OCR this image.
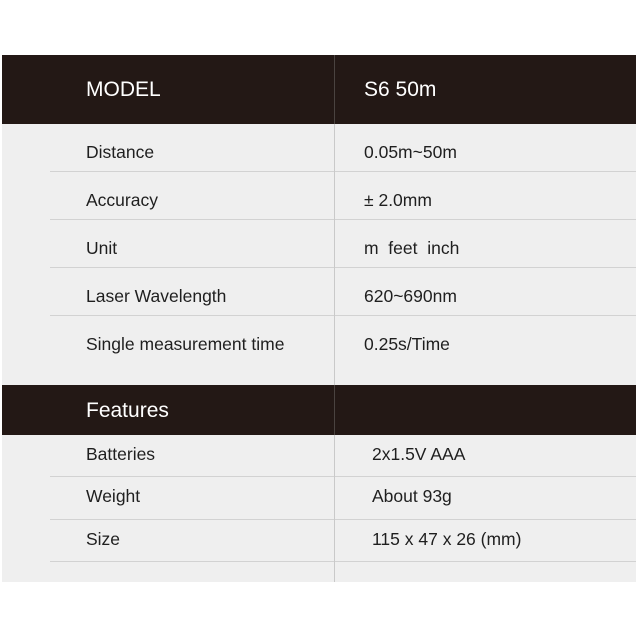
MODEL	S6 50m
Distance	0.05m~50m
Accuracy	± 2.0mm
Unit	m  feet  inch
Laser Wavelength	620~690nm
Single measurement time	0.25s/Time
Features
Batteries	2x1.5V AAA
Weight	About 93g
Size	115 x 47 x 26 (mm)
